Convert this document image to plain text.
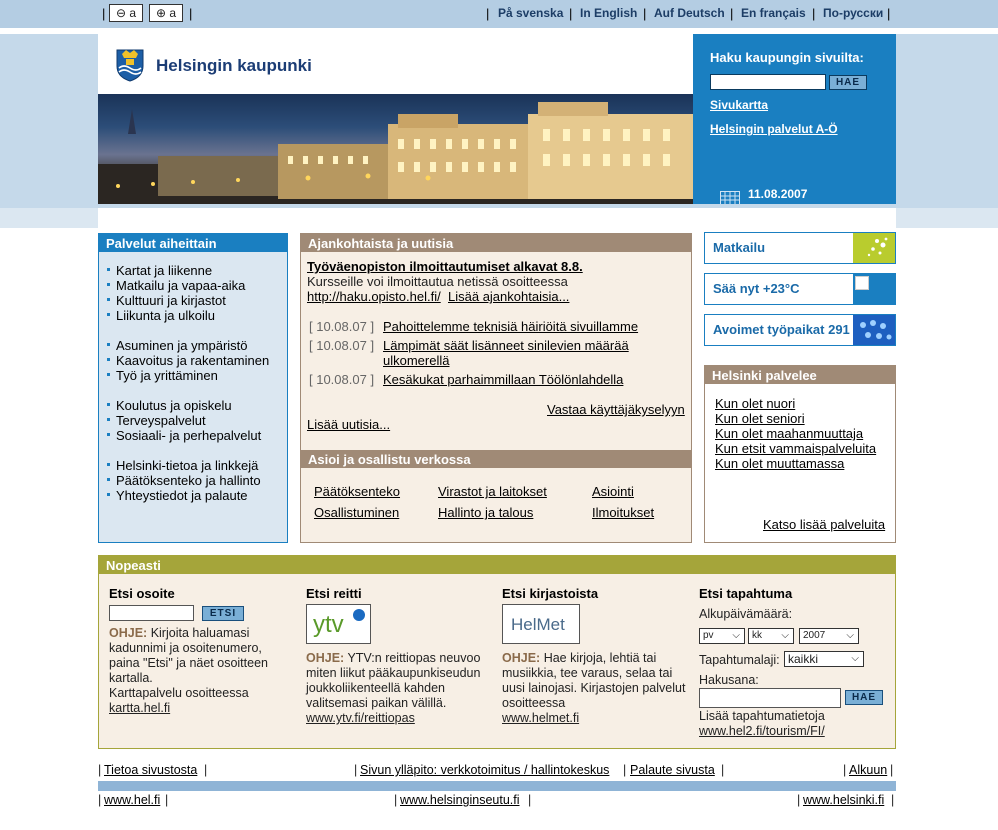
| ⊖ a	⊕ a |	| På svenska | In English | Auf Deutsch | En français | По-русски |
Helsingin kaupunki	Haku kaupungin sivuilta:
HAE
Sivukartta
Helsingin palvelut A-Ö
11.08.2007
Palvelut aiheittain
Kartat ja liikenne
Matkailu ja vapaa-aika
Kulttuuri ja kirjastot
Liikunta ja ulkoilu
Asuminen ja ympäristö
Kaavoitus ja rakentaminen
Työ ja yrittäminen
Koulutus ja opiskelu
Terveyspalvelut
Sosiaali- ja perhepalvelut
Helsinki-tietoa ja linkkejä
Päätöksenteko ja hallinto
Yhteystiedot ja palaute
Ajankohtaista ja uutisia
Työväenopiston ilmoittautumiset alkavat 8.8.
Kursseille voi ilmoittautua netissä osoitteessa
http://haku.opisto.hel.fi/ Lisää ajankohtaisia...
[ 10.08.07 ] Pahoittelemme teknisiä häiriöitä sivuillamme
[ 10.08.07 ] Lämpimät säät lisänneet sinilevien määrää ulkomerellä
[ 10.08.07 ] Kesäkukat parhaimmillaan Töölönlahdella
Vastaa käyttäjäkyselyyn
Lisää uutisia...
Asioi ja osallistu verkossa
Päätöksenteko	Virastot ja laitokset	Asiointi
Osallistuminen	Hallinto ja talous	Ilmoitukset
Matkailu
Sää nyt +23°C
Avoimet työpaikat 291
Helsinki palvelee
Kun olet nuori
Kun olet seniori
Kun olet maahanmuuttaja
Kun etsit vammaispalveluita
Kun olet muuttamassa
Katso lisää palveluita
Nopeasti
Etsi osoite
ETSI
OHJE: Kirjoita haluamasi kadunnimi ja osoitenumero, paina "Etsi" ja näet osoitteen kartalla.
Karttapalvelu osoitteessa
kartta.hel.fi
Etsi reitti
ytv
OHJE: YTV:n reittiopas neuvoo miten liikut pääkaupunkiseudun joukkoliikenteellä kahden valitsemasi paikan välillä.
www.ytv.fi/reittiopas
Etsi kirjastoista
HelMet
OHJE: Hae kirjoja, lehtiä tai musiikkia, tee varaus, selaa tai uusi lainojasi. Kirjastojen palvelut osoitteessa
www.helmet.fi
Etsi tapahtuma
Alkupäivämäärä:
pv ⌵	kk ⌵	2007 ⌵
Tapahtumalaji: kaikki	⌵
Hakusana:
HAE
Lisää tapahtumatietoja
www.hel2.fi/tourism/FI/
| Tietoa sivustosta |	| Sivun ylläpito: verkkotoimitus / hallintokeskus | Palaute sivusta |	| Alkuun |
| www.hel.fi |	| www.helsinginseutu.fi |	| www.helsinki.fi |
